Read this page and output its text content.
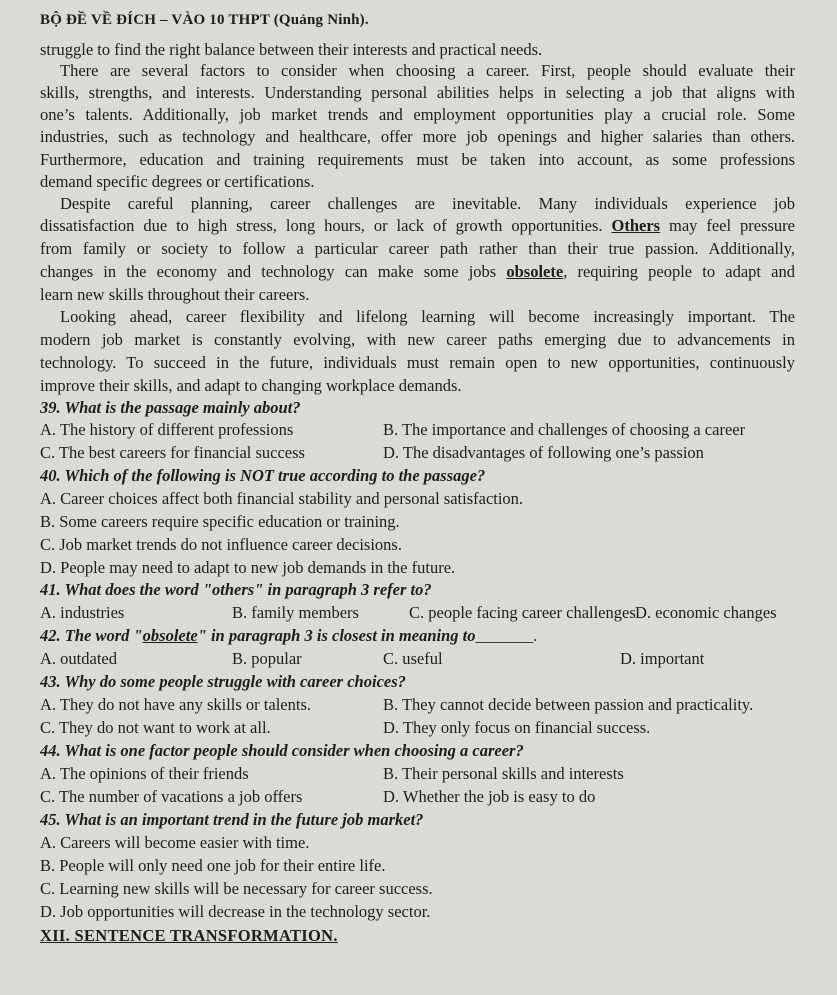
BỘ ĐỀ VỀ ĐÍCH – VÀO 10 THPT (Quảng Ninh).
struggle to find the right balance between their interests and practical needs.
There are several factors to consider when choosing a career. First, people should evaluate their
skills, strengths, and interests. Understanding personal abilities helps in selecting a job that aligns with
one’s talents. Additionally, job market trends and employment opportunities play a crucial role. Some
industries, such as technology and healthcare, offer more job openings and higher salaries than others.
Furthermore, education and training requirements must be taken into account, as some professions
demand specific degrees or certifications.
Despite careful planning, career challenges are inevitable. Many individuals experience job
dissatisfaction due to high stress, long hours, or lack of growth opportunities. Others may feel pressure
from family or society to follow a particular career path rather than their true passion. Additionally,
changes in the economy and technology can make some jobs obsolete, requiring people to adapt and
learn new skills throughout their careers.
Looking ahead, career flexibility and lifelong learning will become increasingly important. The
modern job market is constantly evolving, with new career paths emerging due to advancements in
technology. To succeed in the future, individuals must remain open to new opportunities, continuously
improve their skills, and adapt to changing workplace demands.
39. What is the passage mainly about?
A. The history of different professions	B. The importance and challenges of choosing a career
C. The best careers for financial success	D. The disadvantages of following one’s passion
40. Which of the following is NOT true according to the passage?
A. Career choices affect both financial stability and personal satisfaction.
B. Some careers require specific education or training.
C. Job market trends do not influence career decisions.
D. People may need to adapt to new job demands in the future.
41. What does the word "others" in paragraph 3 refer to?
A. industries	B. family members	C. people facing career challenges D. economic changes
42. The word "obsolete" in paragraph 3 is closest in meaning to_______.
A. outdated	B. popular	C. useful	D. important
43. Why do some people struggle with career choices?
A. They do not have any skills or talents.	B. They cannot decide between passion and practicality.
C. They do not want to work at all.	D. They only focus on financial success.
44. What is one factor people should consider when choosing a career?
A. The opinions of their friends	B. Their personal skills and interests
C. The number of vacations a job offers	D. Whether the job is easy to do
45. What is an important trend in the future job market?
A. Careers will become easier with time.
B. People will only need one job for their entire life.
C. Learning new skills will be necessary for career success.
D. Job opportunities will decrease in the technology sector.
XII. SENTENCE TRANSFORMATION.
